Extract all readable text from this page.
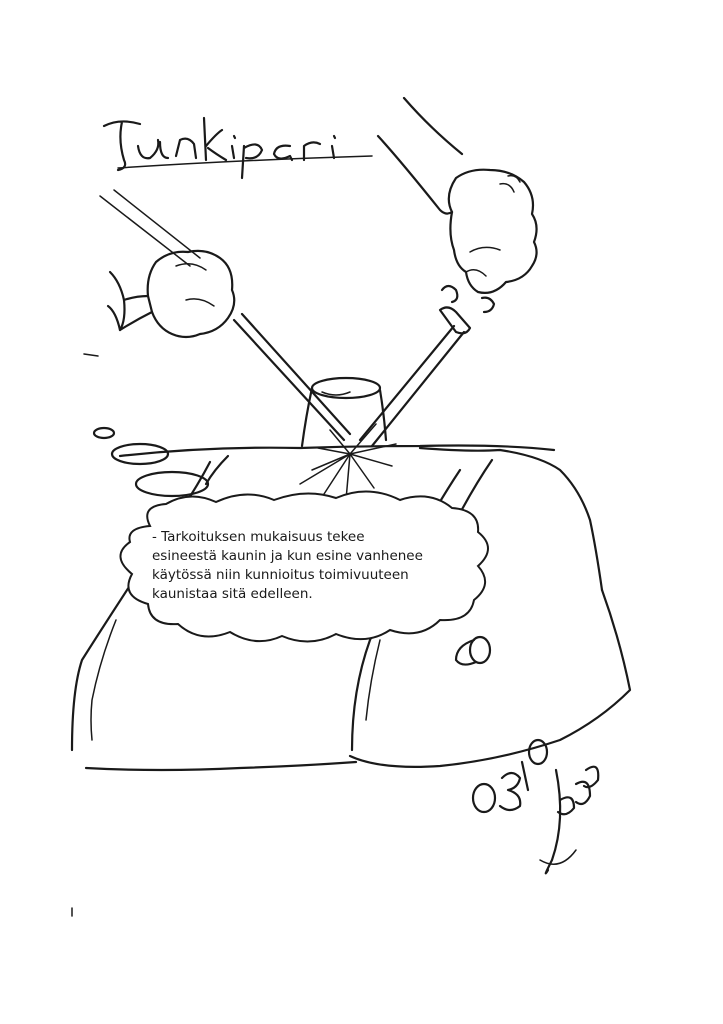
- Tarkoituksen mukaisuus tekee
esineestä kaunin ja kun esine vanhenee
käytössä niin kunnioitus toimivuuteen
kaunistaa sitä edelleen.
